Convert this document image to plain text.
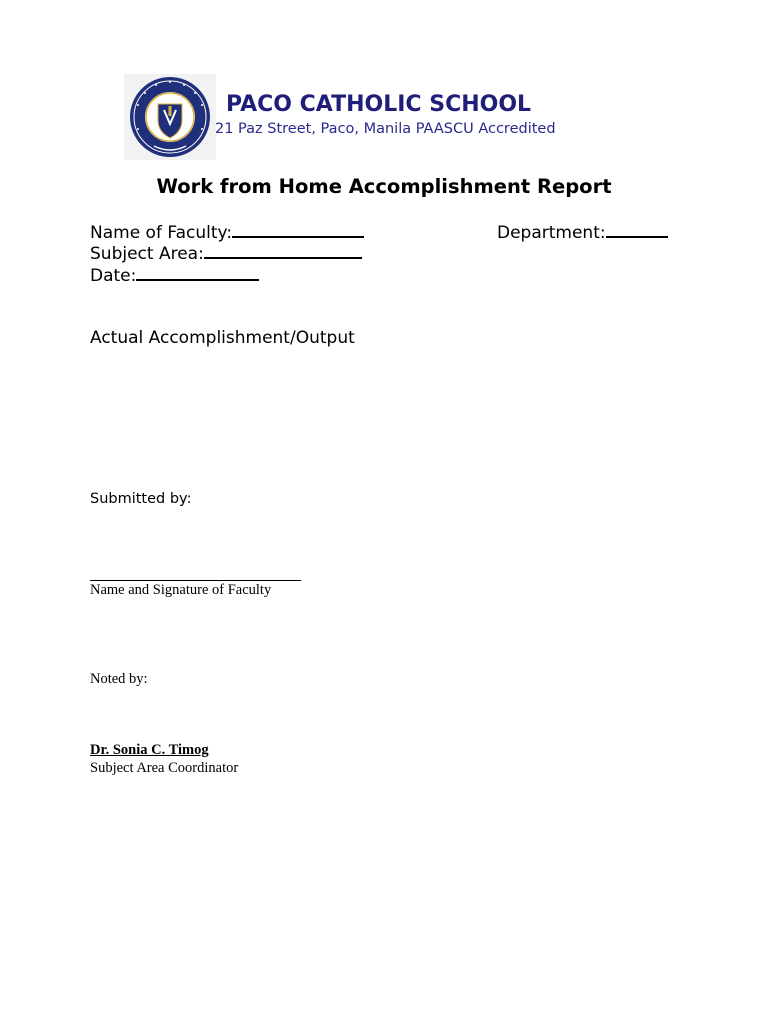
PACO CATHOLIC SCHOOL
21 Paz Street, Paco, Manila PAASCU Accredited
Work from Home Accomplishment Report
Name of Faculty:	Department:
Subject Area:
Date:
Actual Accomplishment/Output
Submitted by:
Name and Signature of Faculty
Noted by:
Dr. Sonia C. Timog
Subject Area Coordinator
